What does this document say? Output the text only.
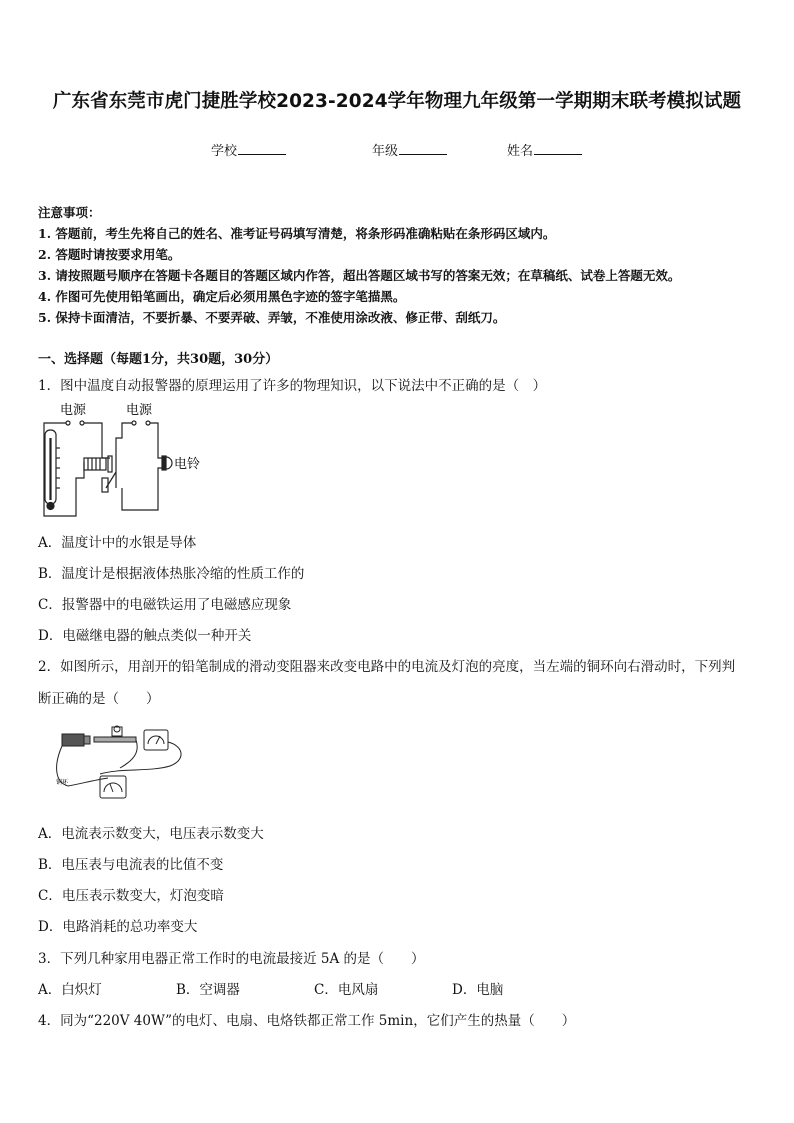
广东省东莞市虎门捷胜学校2023-2024学年物理九年级第一学期期末联考模拟试题
学校	年级	姓名
注意事项：
1. 答题前，考生先将自己的姓名、准考证号码填写清楚，将条形码准确粘贴在条形码区域内。
2. 答题时请按要求用笔。
3. 请按照题号顺序在答题卡各题目的答题区域内作答，超出答题区域书写的答案无效；在草稿纸、试卷上答题无效。
4. 作图可先使用铅笔画出，确定后必须用黑色字迹的签字笔描黑。
5. 保持卡面清洁，不要折暴、不要弄破、弄皱，不准使用涂改液、修正带、刮纸刀。
一、选择题（每题1分，共30题，30分）
1．图中温度自动报警器的原理运用了许多的物理知识，以下说法中不正确的是（　）
电源	电源
电铃
A．温度计中的水银是导体
B．温度计是根据液体热胀冷缩的性质工作的
C．报警器中的电磁铁运用了电磁感应现象
D．电磁继电器的触点类似一种开关
2．如图所示，用剖开的铅笔制成的滑动变阻器来改变电路中的电流及灯泡的亮度，当左端的铜环向右滑动时，下列判
断正确的是（　　）
铜环
A．电流表示数变大，电压表示数变大
B．电压表与电流表的比值不变
C．电压表示数变大，灯泡变暗
D．电路消耗的总功率变大
3．下列几种家用电器正常工作时的电流最接近 5A 的是（　　）
A．白炽灯	B．空调器	C．电风扇	D．电脑
4．同为“220V 40W”的电灯、电扇、电烙铁都正常工作 5min，它们产生的热量（　　）
